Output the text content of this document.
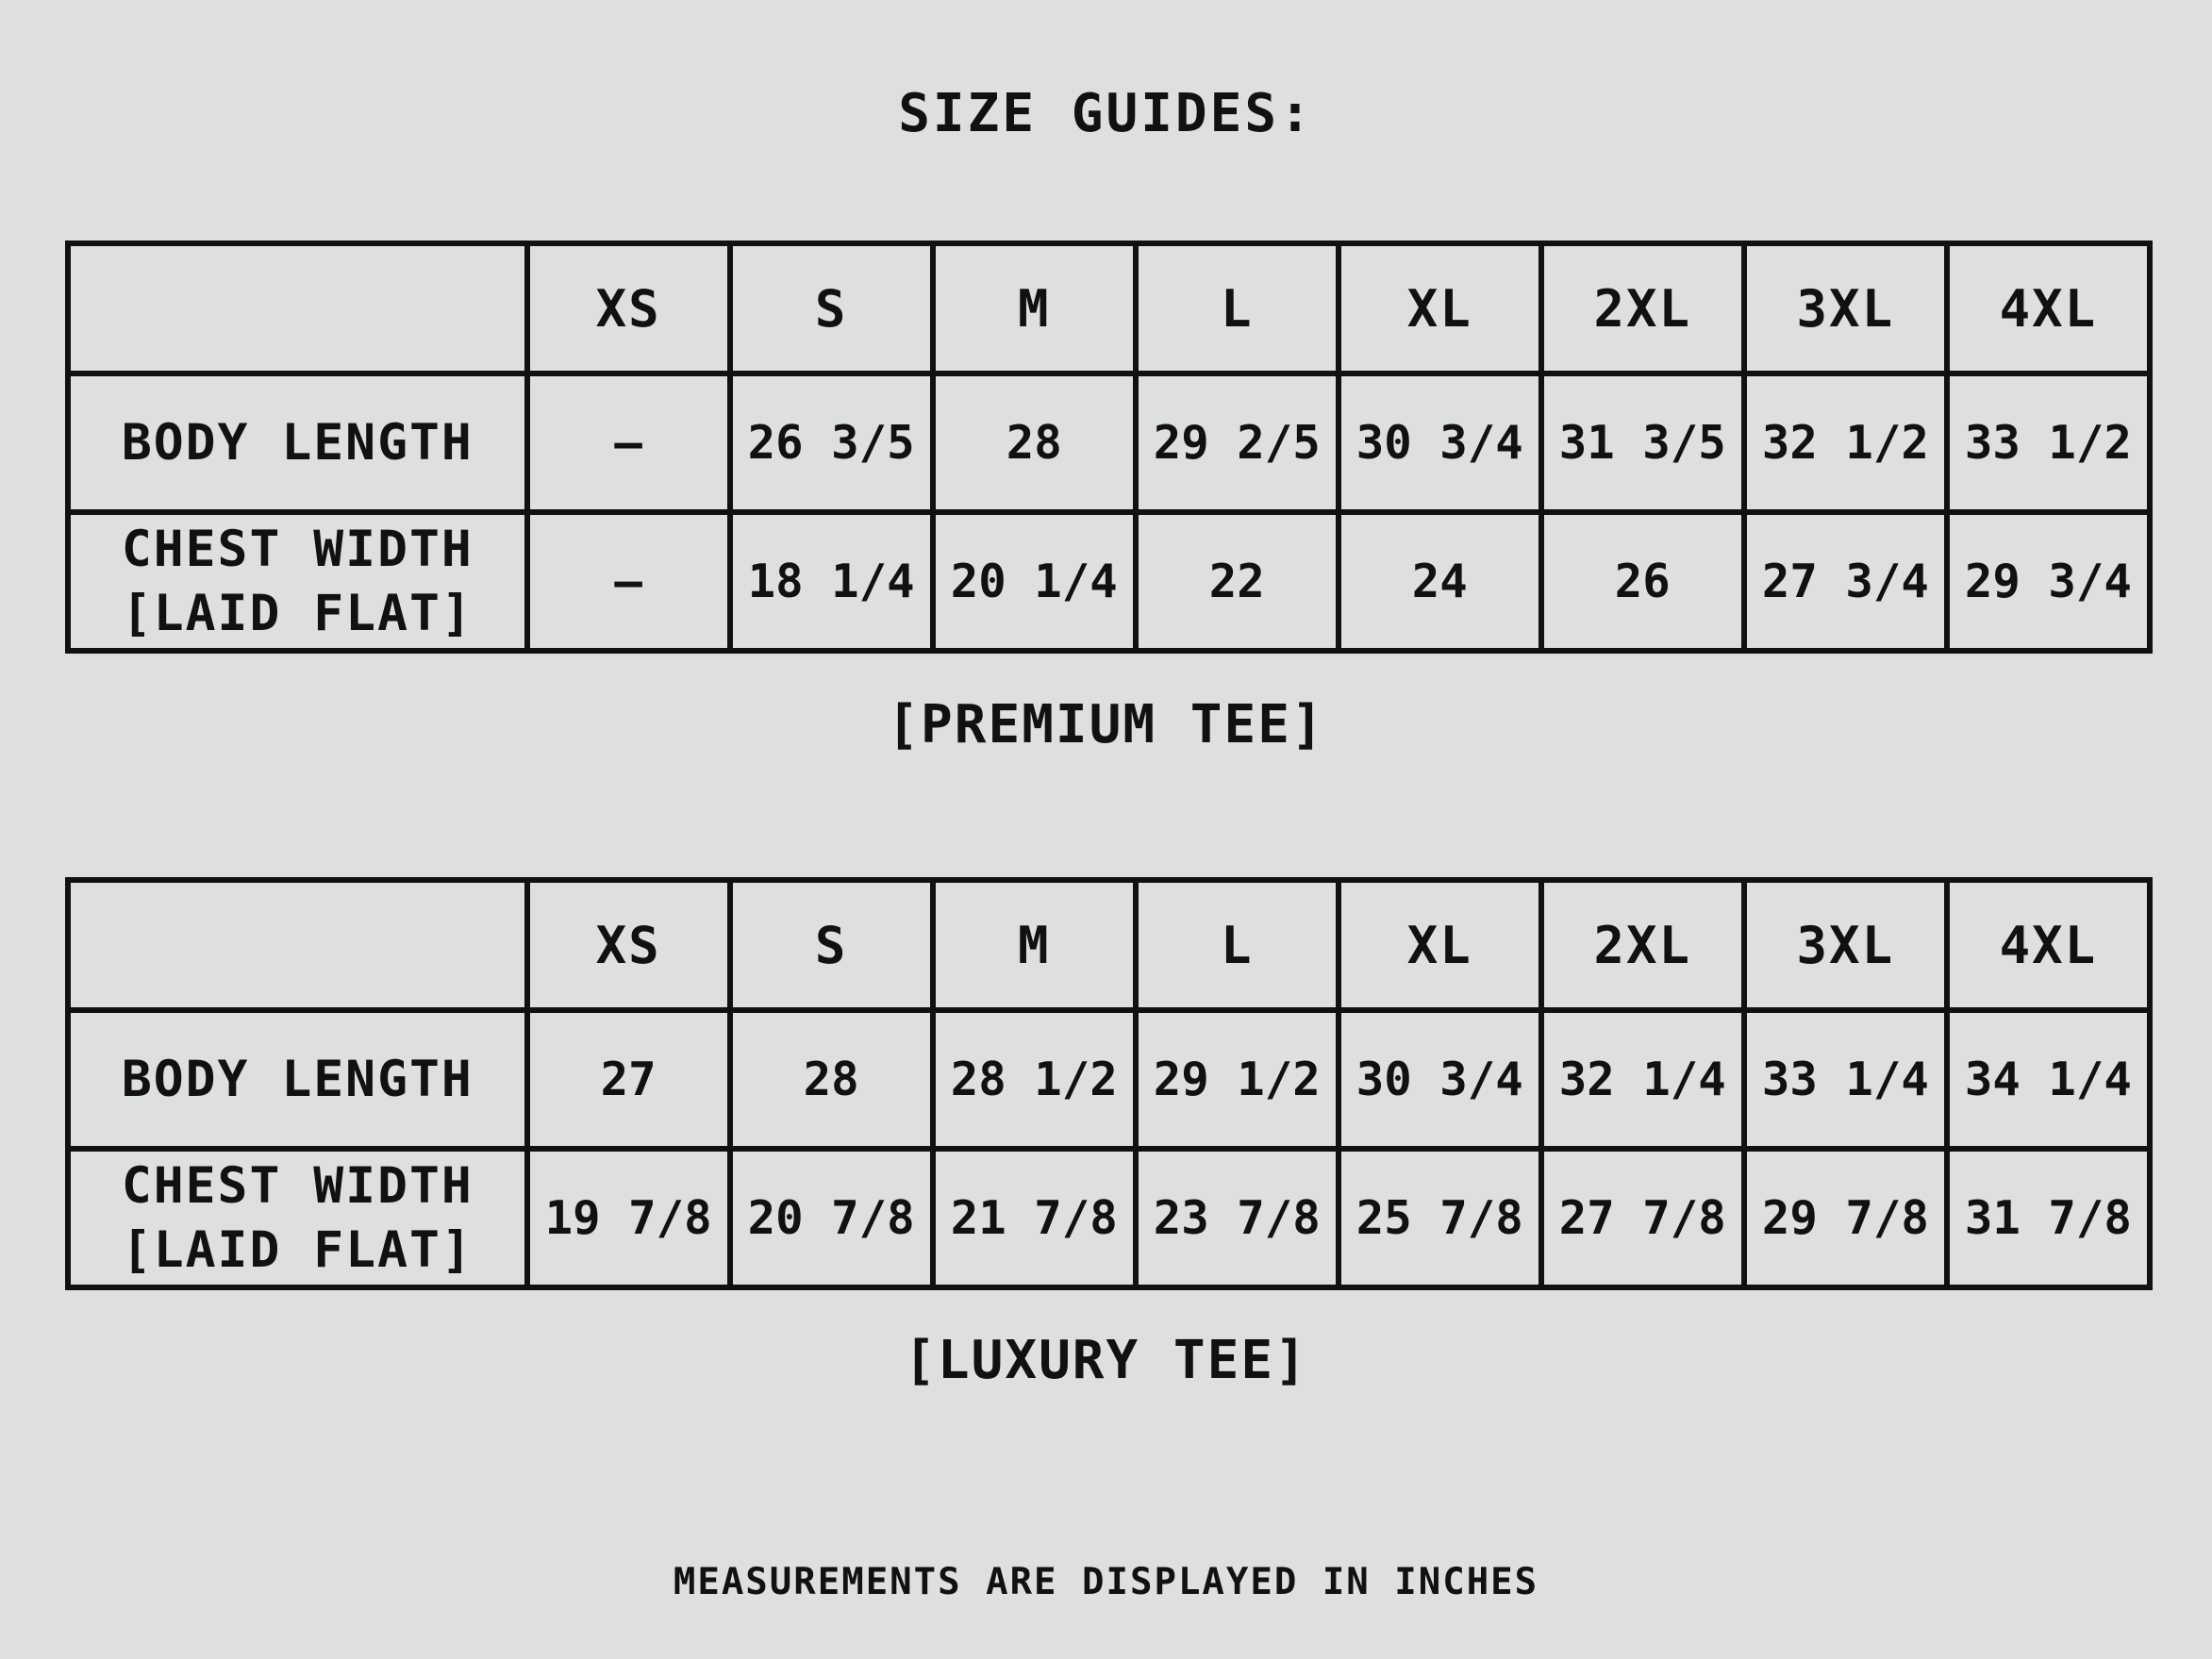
SIZE GUIDES:
	XS	S	M	L	XL	2XL	3XL	4XL

BODY LENGTH	–	26 3/5	28	29 2/5	30 3/4	31 3/5	32 1/2	33 1/2

CHEST WIDTH
[LAID FLAT]	–	18 1/4	20 1/4	22	24	26	27 3/4	29 3/4
[PREMIUM TEE]
	XS	S	M	L	XL	2XL	3XL	4XL

BODY LENGTH	27	28	28 1/2	29 1/2	30 3/4	32 1/4	33 1/4	34 1/4

CHEST WIDTH
[LAID FLAT]	19 7/8	20 7/8	21 7/8	23 7/8	25 7/8	27 7/8	29 7/8	31 7/8
[LUXURY TEE]
MEASUREMENTS ARE DISPLAYED IN INCHES
